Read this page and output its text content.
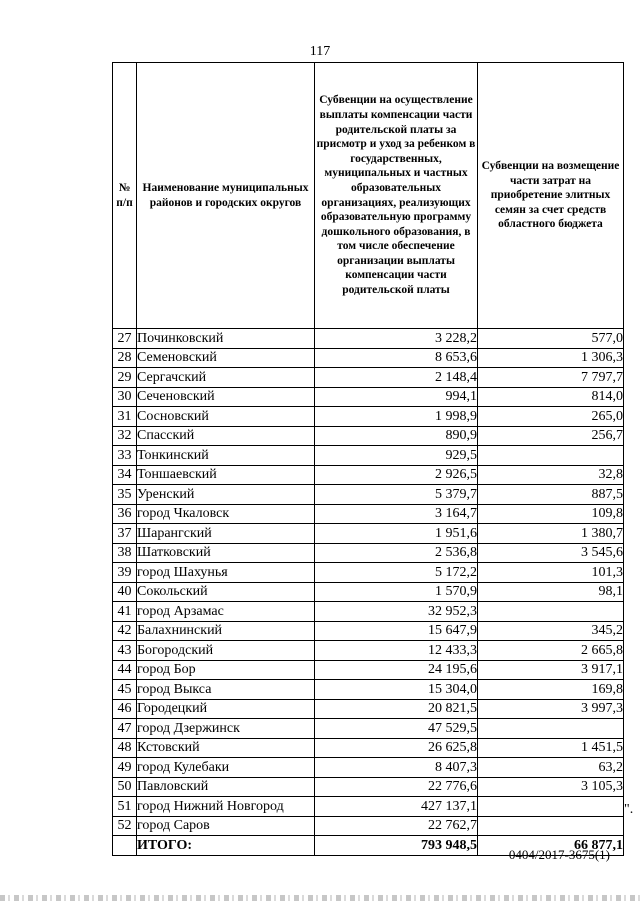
117
№ п/п	Наименование муниципальных районов и городских округов	Субвенции на осуществление выплаты компенсации части родительской платы за присмотр и уход за ребенком в государственных, муниципальных и частных образовательных организациях, реализующих образовательную программу дошкольного образования, в том числе обеспечение организации выплаты компенсации части родительской платы	Субвенции на возмещение части затрат на приобретение элитных семян за счет средств областного бюджета
27	Починковский	3 228,2	577,0
28	Семеновский	8 653,6	1 306,3
29	Сергачский	2 148,4	7 797,7
30	Сеченовский	994,1	814,0
31	Сосновский	1 998,9	265,0
32	Спасский	890,9	256,7
33	Тонкинский	929,5	
34	Тоншаевский	2 926,5	32,8
35	Уренский	5 379,7	887,5
36	город Чкаловск	3 164,7	109,8
37	Шарангский	1 951,6	1 380,7
38	Шатковский	2 536,8	3 545,6
39	город Шахунья	5 172,2	101,3
40	Сокольский	1 570,9	98,1
41	город Арзамас	32 952,3	
42	Балахнинский	15 647,9	345,2
43	Богородский	12 433,3	2 665,8
44	город Бор	24 195,6	3 917,1
45	город Выкса	15 304,0	169,8
46	Городецкий	20 821,5	3 997,3
47	город Дзержинск	47 529,5	
48	Кстовский	26 625,8	1 451,5
49	город Кулебаки	8 407,3	63,2
50	Павловский	22 776,6	3 105,3
51	город Нижний Новгород	427 137,1	
52	город Саров	22 762,7	
	ИТОГО:	793 948,5	66 877,1
".
0404/2017-3675(1)
